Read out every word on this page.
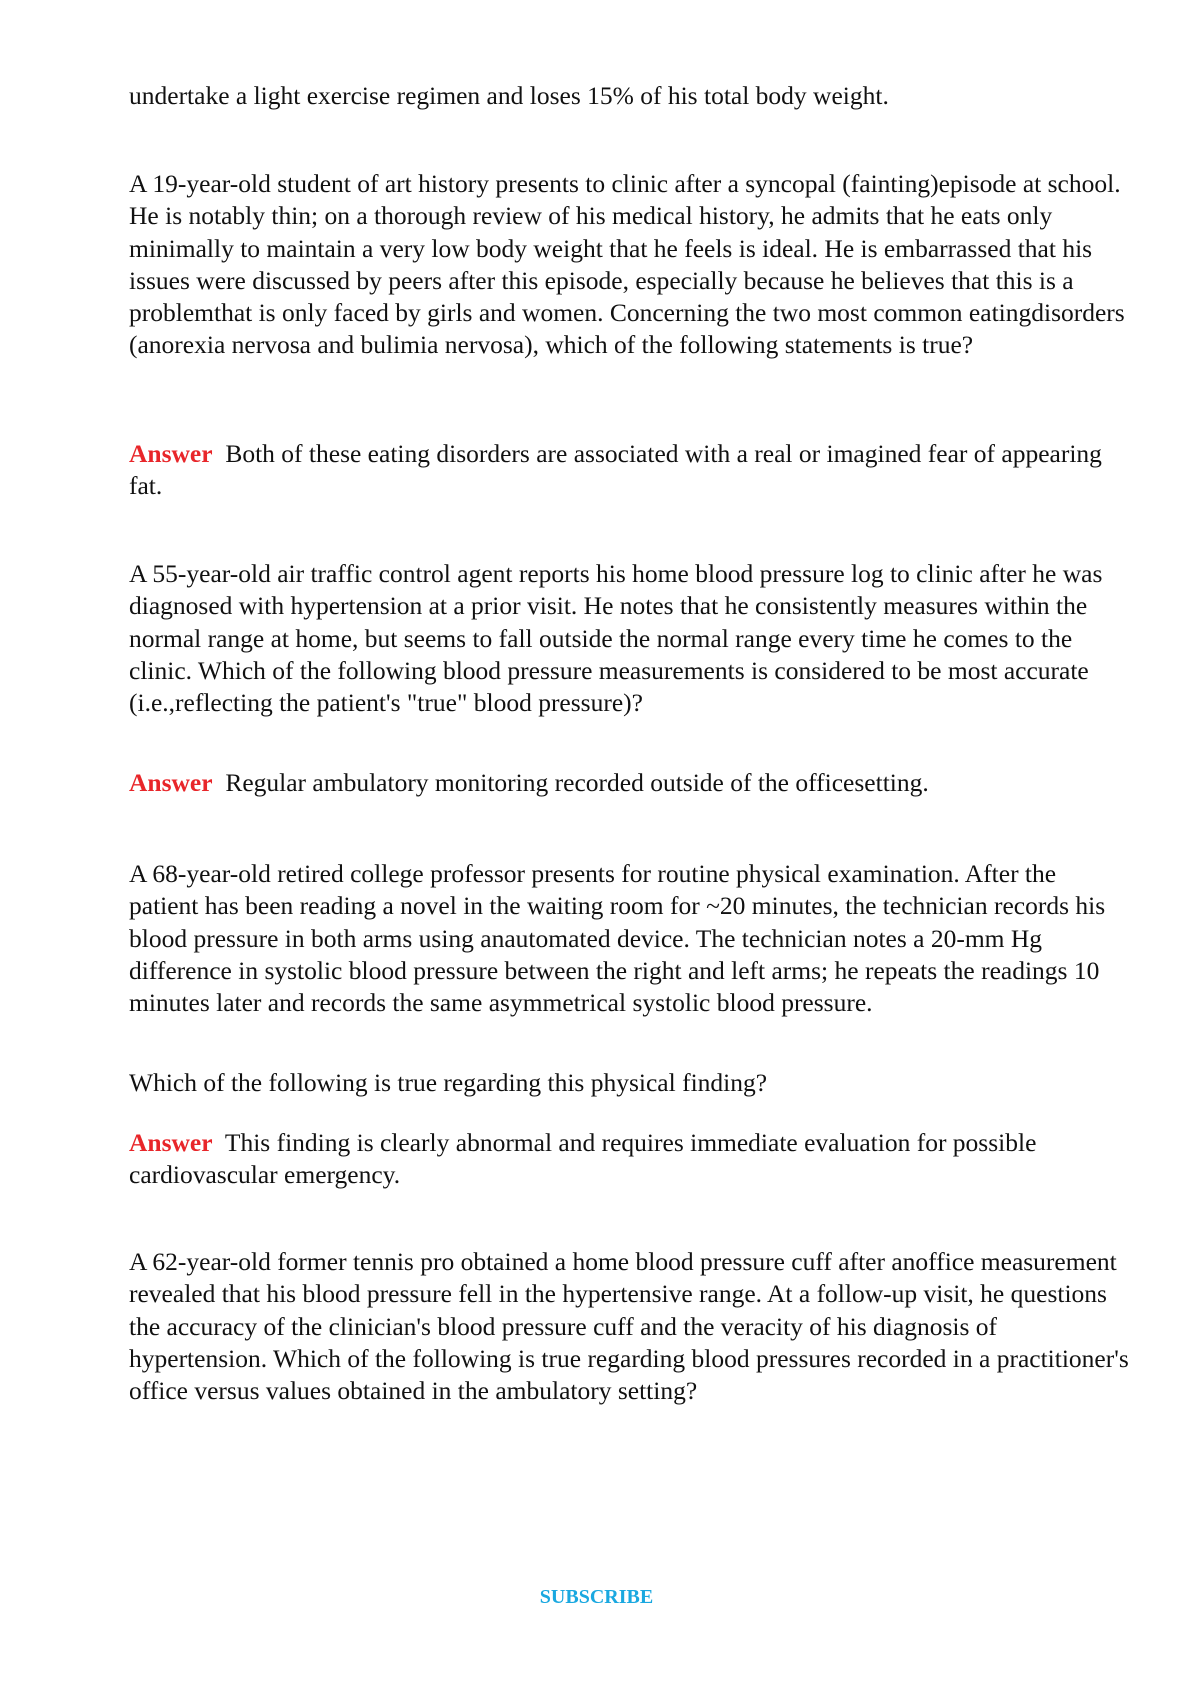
undertake a light exercise regimen and loses 15% of his total body weight.

A 19-year-old student of art history presents to clinic after a syncopal (fainting)episode at school. He is notably thin; on a thorough review of his medical history, he admits that he eats only minimally to maintain a very low body weight that he feels is ideal. He is embarrassed that his issues were discussed by peers after this episode, especially because he believes that this is a problemthat is only faced by girls and women. Concerning the two most common eatingdisorders (anorexia nervosa and bulimia nervosa), which of the following statements is true?

Answer Both of these eating disorders are associated with a real or imagined fear of appearing fat.

A 55-year-old air traffic control agent reports his home blood pressure log to clinic after he was diagnosed with hypertension at a prior visit. He notes that he consistently measures within the normal range at home, but seems to fall outside the normal range every time he comes to the clinic. Which of the following blood pressure measurements is considered to be most accurate (i.e.,reflecting the patient's "true" blood pressure)?

Answer Regular ambulatory monitoring recorded outside of the officesetting.

A 68-year-old retired college professor presents for routine physical examination. After the patient has been reading a novel in the waiting room for ~20 minutes, the technician records his blood pressure in both arms using anautomated device. The technician notes a 20-mm Hg difference in systolic blood pressure between the right and left arms; he repeats the readings 10 minutes later and records the same asymmetrical systolic blood pressure.

Which of the following is true regarding this physical finding?

Answer This finding is clearly abnormal and requires immediate evaluation for possible cardiovascular emergency.

A 62-year-old former tennis pro obtained a home blood pressure cuff after anoffice measurement revealed that his blood pressure fell in the hypertensive range. At a follow-up visit, he questions the accuracy of the clinician's blood pressure cuff and the veracity of his diagnosis of hypertension. Which of the following is true regarding blood pressures recorded in a practitioner's office versus values obtained in the ambulatory setting?

SUBSCRIBE
